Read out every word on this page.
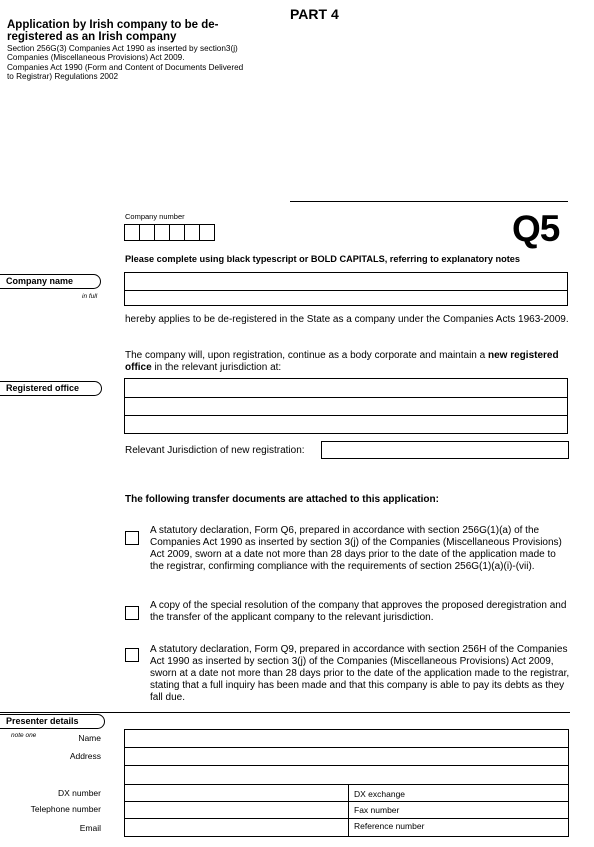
PART 4
Application by Irish company to be de-registered as an Irish company
Section 256G(3) Companies Act 1990 as inserted by section3(j) Companies (Miscellaneous Provisions) Act 2009.
Companies Act 1990 (Form and Content of Documents Delivered to Registrar) Regulations 2002
Company number	Q5
Please complete using black typescript or BOLD CAPITALS, referring to explanatory notes
Company name
in full
hereby applies to be de-registered in the State as a company under the Companies Acts 1963-2009.
The company will, upon registration, continue as a body corporate and maintain a new registered office in the relevant jurisdiction at:
Registered office
Relevant Jurisdiction of new registration:
The following transfer documents are attached to this application:
A statutory declaration, Form Q6, prepared in accordance with section 256G(1)(a) of the Companies Act 1990 as inserted by section 3(j) of the Companies (Miscellaneous Provisions) Act 2009, sworn at a date not more than 28 days prior to the date of the application made to the registrar, confirming compliance with the requirements of section 256G(1)(a)(i)-(vii).
A copy of the special resolution of the company that approves the proposed deregistration and the transfer of the applicant company to the relevant jurisdiction.
A statutory declaration, Form Q9, prepared in accordance with section 256H of the Companies Act 1990 as inserted by section 3(j) of the Companies (Miscellaneous Provisions) Act 2009, sworn at a date not more than 28 days prior to the date of the application made to the registrar, stating that a full inquiry has been made and that this company is able to pay its debts as they fall due.
Presenter details
note one	Name
Address
DX number
Telephone number
Email
DX exchange
Fax number
Reference number
